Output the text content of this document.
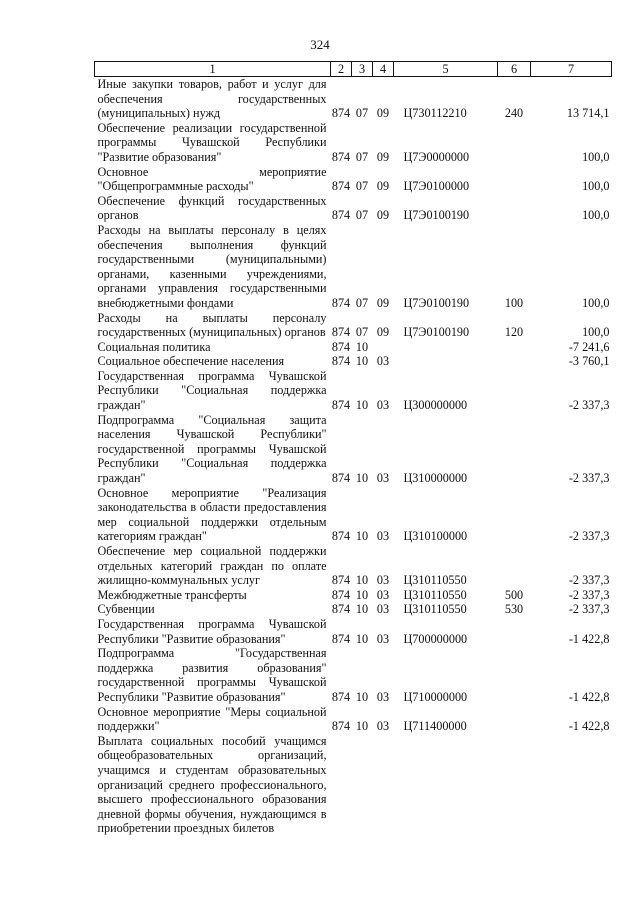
324
1	2	3	4	5	6	7
Иные закупки товаров, работ и услуг для обеспечения государственных (муниципальных) нужд	874	07	09	Ц730112210	240	13 714,1
Обеспечение реализации государственной программы Чувашской Республики "Развитие образования"	874	07	09	Ц7Э0000000		100,0
Основное мероприятие "Общепрограммные расходы"	874	07	09	Ц7Э0100000		100,0
Обеспечение функций государственных органов	874	07	09	Ц7Э0100190		100,0
Расходы на выплаты персоналу в целях обеспечения выполнения функций государственными (муниципальными) органами, казенными учреждениями, органами управления государственными внебюджетными фондами	874	07	09	Ц7Э0100190	100	100,0
Расходы на выплаты персоналу государственных (муниципальных) органов	874	07	09	Ц7Э0100190	120	100,0
Социальная политика	874	10				-7 241,6
Социальное обеспечение населения	874	10	03			-3 760,1
Государственная программа Чувашской Республики "Социальная поддержка граждан"	874	10	03	Ц300000000		-2 337,3
Подпрограмма "Социальная защита населения Чувашской Республики" государственной программы Чувашской Республики "Социальная поддержка граждан"	874	10	03	Ц310000000		-2 337,3
Основное мероприятие "Реализация законодательства в области предоставления мер социальной поддержки отдельным категориям граждан"	874	10	03	Ц310100000		-2 337,3
Обеспечение мер социальной поддержки отдельных категорий граждан по оплате жилищно-коммунальных услуг	874	10	03	Ц310110550		-2 337,3
Межбюджетные трансферты	874	10	03	Ц310110550	500	-2 337,3
Субвенции	874	10	03	Ц310110550	530	-2 337,3
Государственная программа Чувашской Республики "Развитие образования"	874	10	03	Ц700000000		-1 422,8
Подпрограмма "Государственная поддержка развития образования" государственной программы Чувашской Республики "Развитие образования"	874	10	03	Ц710000000		-1 422,8
Основное мероприятие "Меры социальной поддержки"	874	10	03	Ц711400000		-1 422,8
Выплата социальных пособий учащимся общеобразовательных организаций, учащимся и студентам образовательных организаций среднего профессионального, высшего профессионального образования дневной формы обучения, нуждающимся в приобретении проездных билетов						
